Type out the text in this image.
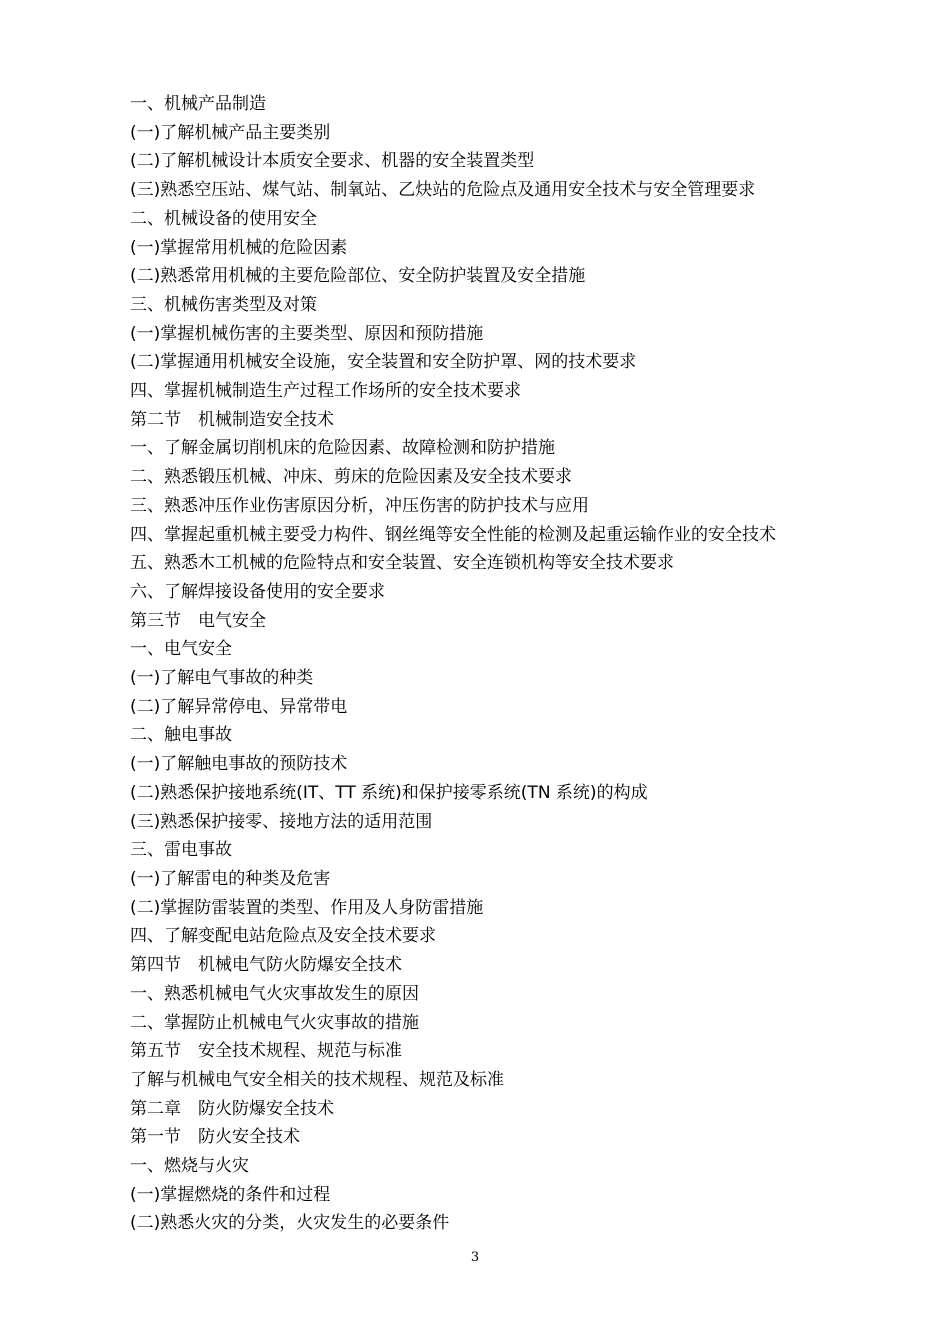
一、机械产品制造
(一)了解机械产品主要类别
(二)了解机械设计本质安全要求、机器的安全装置类型
(三)熟悉空压站、煤气站、制氧站、乙炔站的危险点及通用安全技术与安全管理要求
二、机械设备的使用安全
(一)掌握常用机械的危险因素
(二)熟悉常用机械的主要危险部位、安全防护装置及安全措施
三、机械伤害类型及对策
(一)掌握机械伤害的主要类型、原因和预防措施
(二)掌握通用机械安全设施，安全装置和安全防护罩、网的技术要求
四、掌握机械制造生产过程工作场所的安全技术要求
第二节　机械制造安全技术
一、了解金属切削机床的危险因素、故障检测和防护措施
二、熟悉锻压机械、冲床、剪床的危险因素及安全技术要求
三、熟悉冲压作业伤害原因分析，冲压伤害的防护技术与应用
四、掌握起重机械主要受力构件、钢丝绳等安全性能的检测及起重运输作业的安全技术
五、熟悉木工机械的危险特点和安全装置、安全连锁机构等安全技术要求
六、了解焊接设备使用的安全要求
第三节　电气安全
一、电气安全
(一)了解电气事故的种类
(二)了解异常停电、异常带电
二、触电事故
(一)了解触电事故的预防技术
(二)熟悉保护接地系统(IT、TT 系统)和保护接零系统(TN 系统)的构成
(三)熟悉保护接零、接地方法的适用范围
三、雷电事故
(一)了解雷电的种类及危害
(二)掌握防雷装置的类型、作用及人身防雷措施
四、了解变配电站危险点及安全技术要求
第四节　机械电气防火防爆安全技术
一、熟悉机械电气火灾事故发生的原因
二、掌握防止机械电气火灾事故的措施
第五节　安全技术规程、规范与标准
了解与机械电气安全相关的技术规程、规范及标准
第二章　防火防爆安全技术
第一节　防火安全技术
一、燃烧与火灾
(一)掌握燃烧的条件和过程
(二)熟悉火灾的分类，火灾发生的必要条件
3
